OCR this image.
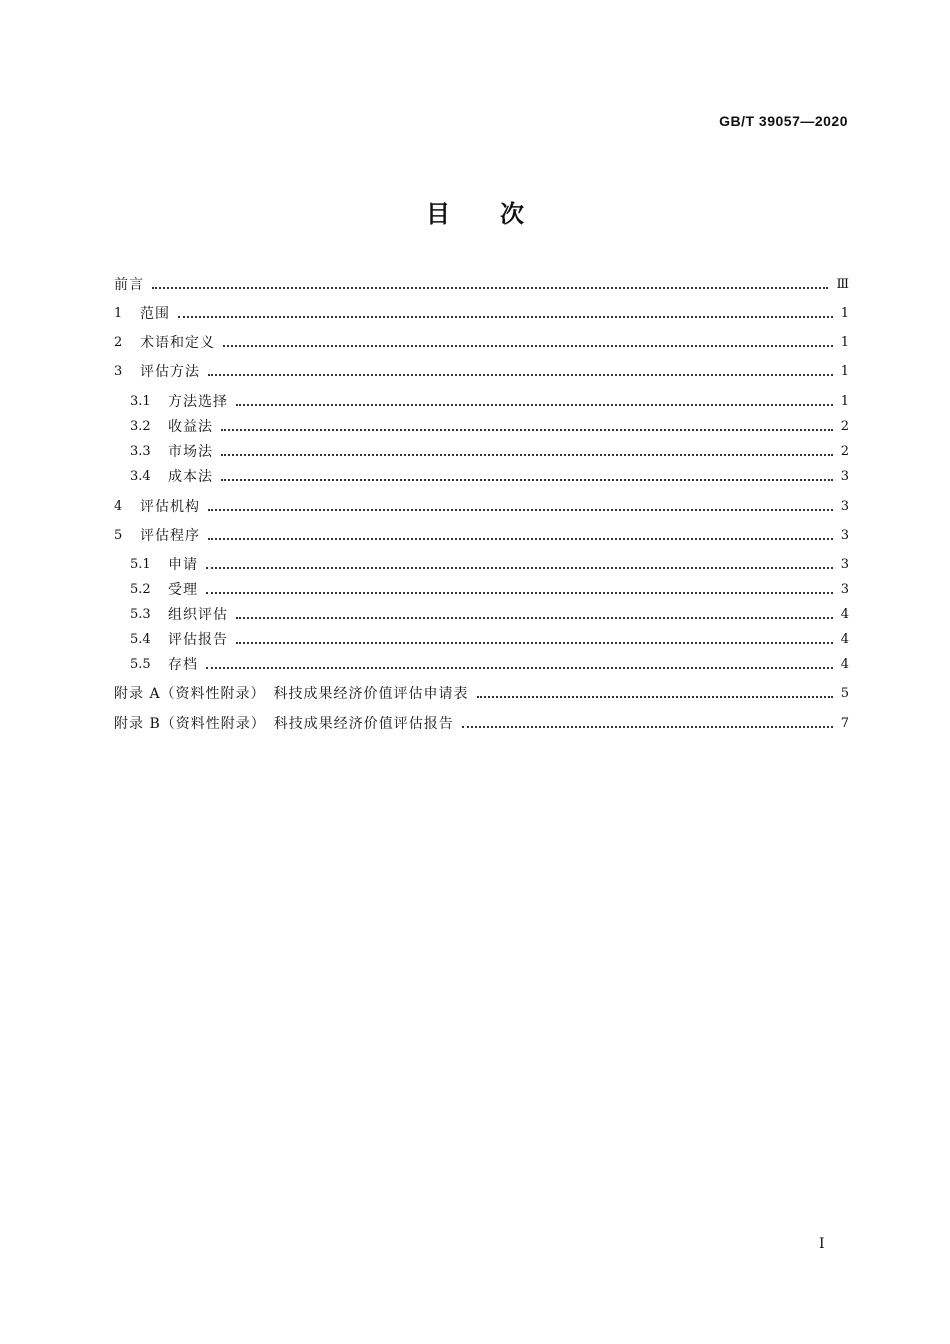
GB/T 39057—2020
目 次
前言	Ⅲ
1	范围	1
2	术语和定义	1
3	评估方法	1
3.1	方法选择	1
3.2	收益法	2
3.3	市场法	2
3.4	成本法	3
4	评估机构	3
5	评估程序	3
5.1	申请	3
5.2	受理	3
5.3	组织评估	4
5.4	评估报告	4
5.5	存档	4
附录 A（资料性附录）　科技成果经济价值评估申请表	5
附录 B（资料性附录）　科技成果经济价值评估报告	7
I
